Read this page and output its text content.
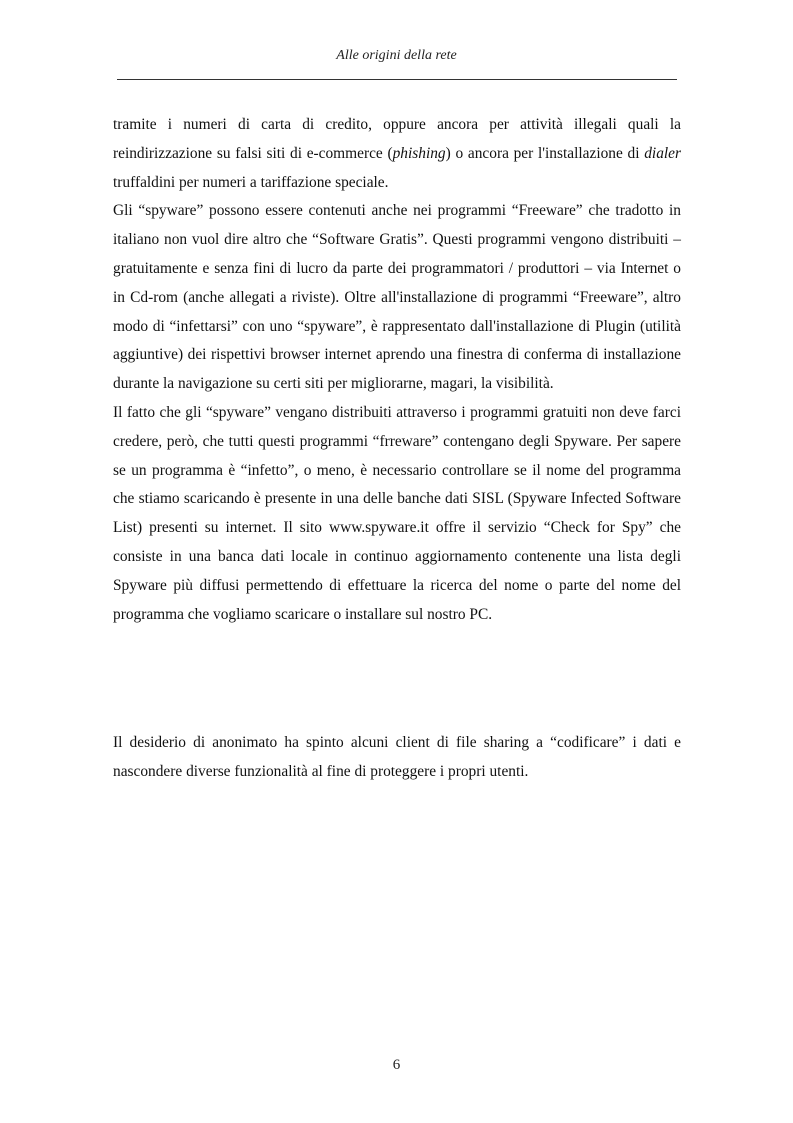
Alle origini della rete

tramite i numeri di carta di credito, oppure ancora per attività illegali quali la reindirizzazione su falsi siti di e-commerce (phishing) o ancora per l'installazione di dialer truffaldini per numeri a tariffazione speciale.

Gli “spyware” possono essere contenuti anche nei programmi “Freeware” che tradotto in italiano non vuol dire altro che “Software Gratis”. Questi programmi vengono distribuiti – gratuitamente e senza fini di lucro da parte dei programmatori / produttori – via Internet o in Cd-rom (anche allegati a riviste). Oltre all'installazione di programmi “Freeware”, altro modo di “infettarsi” con uno “spyware”, è rappresentato dall'installazione di Plugin (utilità aggiuntive) dei rispettivi browser internet aprendo una finestra di conferma di installazione durante la navigazione su certi siti per migliorarne, magari, la visibilità.

Il fatto che gli “spyware” vengano distribuiti attraverso i programmi gratuiti non deve farci credere, però, che tutti questi programmi “frreware” contengano degli Spyware. Per sapere se un programma è “infetto”, o meno, è necessario controllare se il nome del programma che stiamo scaricando è presente in una delle banche dati SISL (Spyware Infected Software List) presenti su internet. Il sito www.spyware.it offre il servizio “Check for Spy” che consiste in una banca dati locale in continuo aggiornamento contenente una lista degli Spyware più diffusi permettendo di effettuare la ricerca del nome o parte del nome del programma che vogliamo scaricare o installare sul nostro PC.

Il desiderio di anonimato ha spinto alcuni client di file sharing a “codificare” i dati e nascondere diverse funzionalità al fine di proteggere i propri utenti.

6
